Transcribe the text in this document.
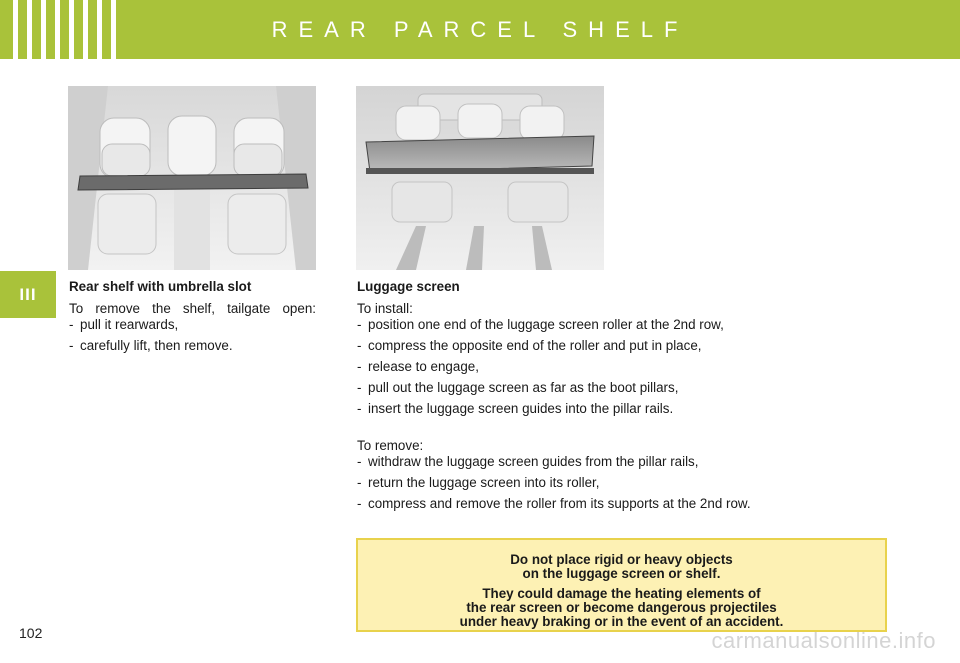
REAR PARCEL SHELF
III	Rear shelf with umbrella slot

To remove the shelf, tailgate open:

- pull it rearwards,
- carefully lift, then remove.
Luggage screen

To install:

- position one end of the luggage screen roller at the 2nd row,
- compress the opposite end of the roller and put in place,
- release to engage,
- pull out the luggage screen as far as the boot pillars,
- insert the luggage screen guides into the pillar rails.

To remove:

- withdraw the luggage screen guides from the pillar rails,
- return the luggage screen into its roller,
- compress and remove the roller from its supports at the 2nd row.

Do not place rigid or heavy objects
on the luggage screen or shelf.

They could damage the heating elements of
the rear screen or become dangerous projectiles
under heavy braking or in the event of an accident.

102	carmanualsonline.info
